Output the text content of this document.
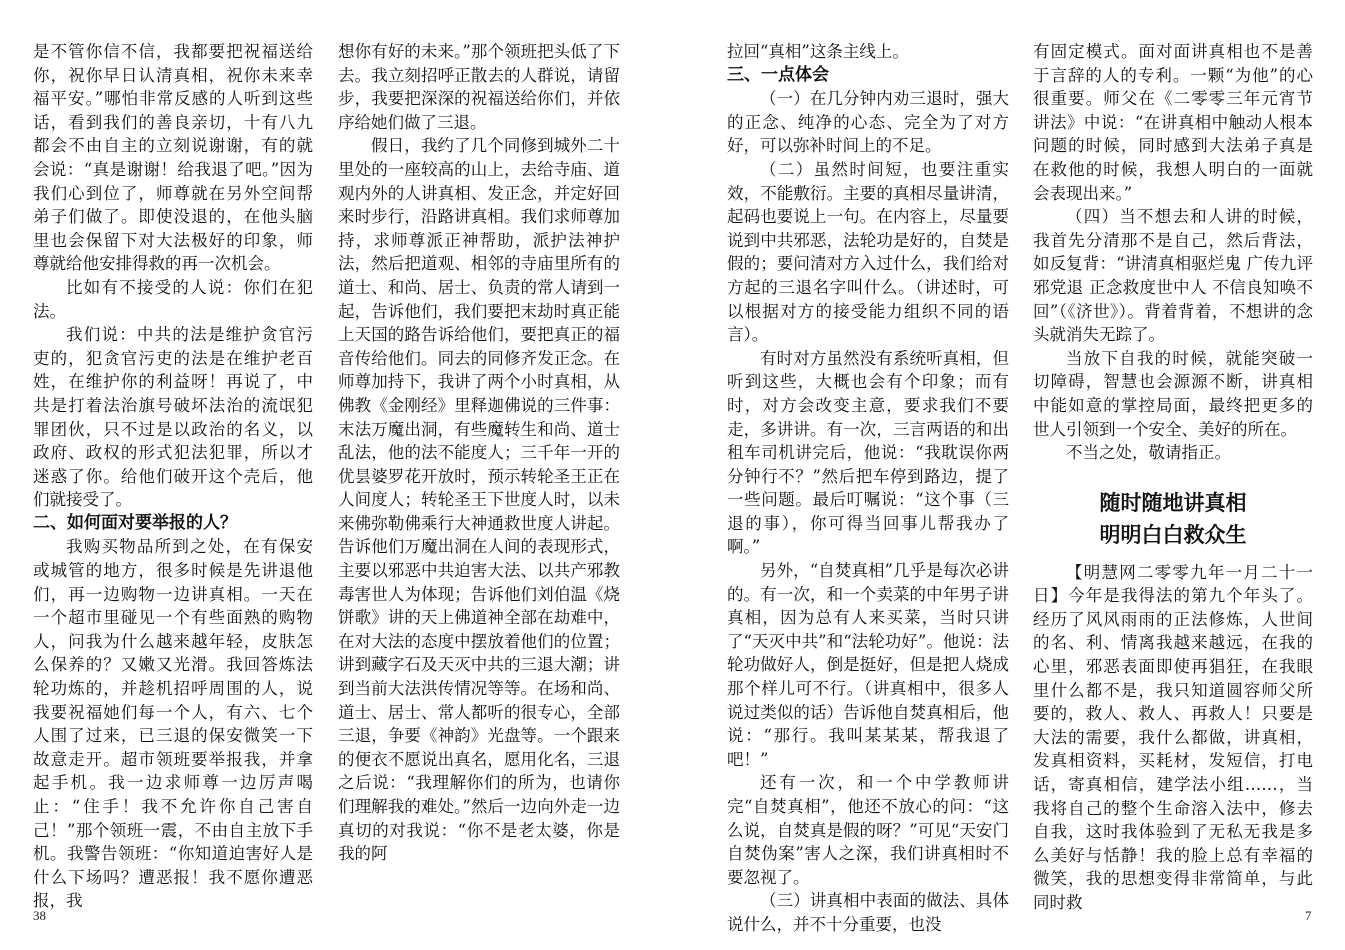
是不管你信不信，我都要把祝福送给你，祝你早日认清真相，祝你未来幸福平安。”哪怕非常反感的人听到这些话，看到我们的善良亲切，十有八九都会不由自主的立刻说谢谢，有的就会说：“真是谢谢！给我退了吧。”因为我们心到位了，师尊就在另外空间帮弟子们做了。即使没退的，在他头脑里也会保留下对大法极好的印象，师尊就给他安排得救的再一次机会。

比如有不接受的人说：你们在犯法。

我们说：中共的法是维护贪官污吏的，犯贪官污吏的法是在维护老百姓，在维护你的利益呀！再说了，中共是打着法治旗号破坏法治的流氓犯罪团伙，只不过是以政治的名义，以政府、政权的形式犯法犯罪，所以才迷惑了你。给他们破开这个壳后，他们就接受了。

二、如何面对要举报的人？

我购买物品所到之处，在有保安或城管的地方，很多时候是先讲退他们，再一边购物一边讲真相。一天在一个超市里碰见一个有些面熟的购物人，问我为什么越来越年轻，皮肤怎么保养的？又嫩又光滑。我回答炼法轮功炼的，并趁机招呼周围的人，说我要祝福她们每一个人，有六、七个人围了过来，已三退的保安微笑一下故意走开。超市领班要举报我，并拿起手机。我一边求师尊一边厉声喝止：“住手！我不允许你自己害自己！”那个领班一震，不由自主放下手机。我警告领班：“你知道迫害好人是什么下场吗？遭恶报！我不愿你遭恶报，我

想你有好的未来。”那个领班把头低了下去。我立刻招呼正散去的人群说，请留步，我要把深深的祝福送给你们，并依序给她们做了三退。

假日，我约了几个同修到城外二十里处的一座较高的山上，去给寺庙、道观内外的人讲真相、发正念，并定好回来时步行，沿路讲真相。我们求师尊加持，求师尊派正神帮助，派护法神护法，然后把道观、相邻的寺庙里所有的道士、和尚、居士、负责的常人请到一起，告诉他们，我们要把末劫时真正能上天国的路告诉给他们，要把真正的福音传给他们。同去的同修齐发正念。在师尊加持下，我讲了两个小时真相，从佛教《金刚经》里释迦佛说的三件事：末法万魔出洞，有些魔转生和尚、道士乱法，他的法不能度人；三千年一开的优昙婆罗花开放时，预示转轮圣王正在人间度人；转轮圣王下世度人时，以未来佛弥勒佛乘行大神通救世度人讲起。告诉他们万魔出洞在人间的表现形式，主要以邪恶中共迫害大法、以共产邪教毒害世人为体现；告诉他们刘伯温《烧饼歌》讲的天上佛道神全部在劫难中，在对大法的态度中摆放着他们的位置；讲到藏字石及天灭中共的三退大潮；讲到当前大法洪传情况等等。在场和尚、道士、居士、常人都听的很专心，全部三退，争要《神韵》光盘等。一个跟来的便衣不愿说出真名，愿用化名，三退之后说：“我理解你们的所为，也请你们理解我的难处。”然后一边向外走一边真切的对我说：“你不是老太婆，你是我的阿

拉回“真相”这条主线上。

三、一点体会

（一）在几分钟内劝三退时，强大的正念、纯净的心态、完全为了对方好，可以弥补时间上的不足。

（二）虽然时间短，也要注重实效，不能敷衍。主要的真相尽量讲清，起码也要说上一句。在内容上，尽量要说到中共邪恶，法轮功是好的，自焚是假的；要问清对方入过什么，我们给对方起的三退名字叫什么。（讲述时，可以根据对方的接受能力组织不同的语言）。

有时对方虽然没有系统听真相，但听到这些，大概也会有个印象；而有时，对方会改变主意，要求我们不要走，多讲讲。有一次，三言两语的和出租车司机讲完后，他说：“我耽误你两分钟行不？”然后把车停到路边，提了一些问题。最后叮嘱说：“这个事（三退的事），你可得当回事儿帮我办了啊。”

另外，“自焚真相”几乎是每次必讲的。有一次，和一个卖菜的中年男子讲真相，因为总有人来买菜，当时只讲了“天灭中共”和“法轮功好”。他说：法轮功做好人，倒是挺好，但是把人烧成那个样儿可不行。（讲真相中，很多人说过类似的话）告诉他自焚真相后，他说：“那行。我叫某某某，帮我退了吧！”

还有一次，和一个中学教师讲完“自焚真相”，他还不放心的问：“这么说，自焚真是假的呀？”可见“天安门自焚伪案”害人之深，我们讲真相时不要忽视了。

（三）讲真相中表面的做法、具体说什么，并不十分重要，也没

有固定模式。面对面讲真相也不是善于言辞的人的专利。一颗“为他”的心很重要。师父在《二零零三年元宵节讲法》中说：“在讲真相中触动人根本问题的时候，同时感到大法弟子真是在救他的时候，我想人明白的一面就会表现出来。”

（四）当不想去和人讲的时候，我首先分清那不是自己，然后背法，如反复背：“讲清真相驱烂鬼 广传九评邪党退 正念救度世中人 不信良知唤不回”（《济世》）。背着背着，不想讲的念头就消失无踪了。

当放下自我的时候，就能突破一切障碍，智慧也会源源不断，讲真相中能如意的掌控局面，最终把更多的世人引领到一个安全、美好的所在。

不当之处，敬请指正。

随时随地讲真相
明明白白救众生

【明慧网二零零九年一月二十一日】今年是我得法的第九个年头了。经历了风风雨雨的正法修炼，人世间的名、利、情离我越来越远，在我的心里，邪恶表面即使再猖狂，在我眼里什么都不是，我只知道圆容师父所要的，救人、救人、再救人！只要是大法的需要，我什么都做，讲真相，发真相资料，买耗材，发短信，打电话，寄真相信，建学法小组……，当我将自己的整个生命溶入法中，修去自我，这时我体验到了无私无我是多么美好与恬静！我的脸上总有幸福的微笑，我的思想变得非常简单，与此同时救

38	7
